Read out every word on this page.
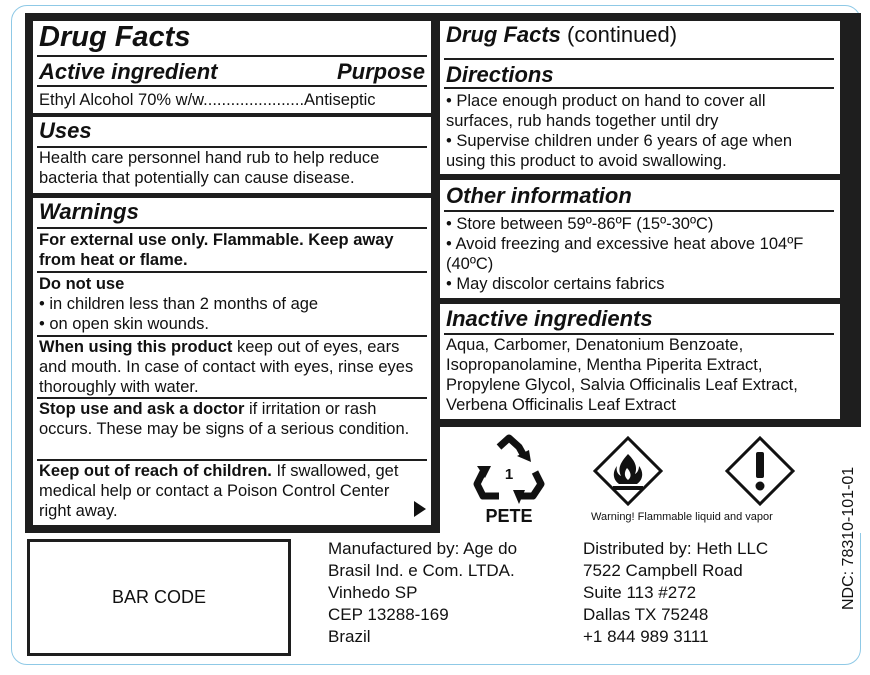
Drug Facts
Active ingredient	Purpose
Ethyl Alcohol 70% w/w......................Antiseptic
Uses
Health care personnel hand rub to help reduce bacteria that potentially can cause disease.
Warnings
For external use only. Flammable. Keep away from heat or flame.
Do not use
• in children less than 2 months of age
• on open skin wounds.
When using this product keep out of eyes, ears and mouth. In case of contact with eyes, rinse eyes thoroughly with water.
Stop use and ask a doctor if irritation or rash occurs. These may be signs of a serious condition.
Keep out of reach of children. If swallowed, get medical help or contact a Poison Control Center right away.
Drug Facts (continued)
Directions
• Place enough product on hand to cover all surfaces, rub hands together until dry
• Supervise children under 6 years of age when using this product to avoid swallowing.
Other information
• Store between 59º-86ºF (15º-30ºC)
• Avoid freezing and excessive heat above 104ºF (40ºC)
• May discolor certains fabrics
Inactive ingredients
Aqua, Carbomer, Denatonium Benzoate, Isopropanolamine, Mentha Piperita Extract, Propylene Glycol, Salvia Officinalis Leaf Extract, Verbena Officinalis Leaf Extract
1
PETE	Warning! Flammable liquid and vapor	NDC: 78310-101-01
BAR CODE
Manufactured by: Age do
Brasil Ind. e Com. LTDA.
Vinhedo SP
CEP 13288-169
Brazil
Distributed by: Heth LLC
7522 Campbell Road
Suite 113 #272
Dallas TX 75248
+1 844 989 3111
